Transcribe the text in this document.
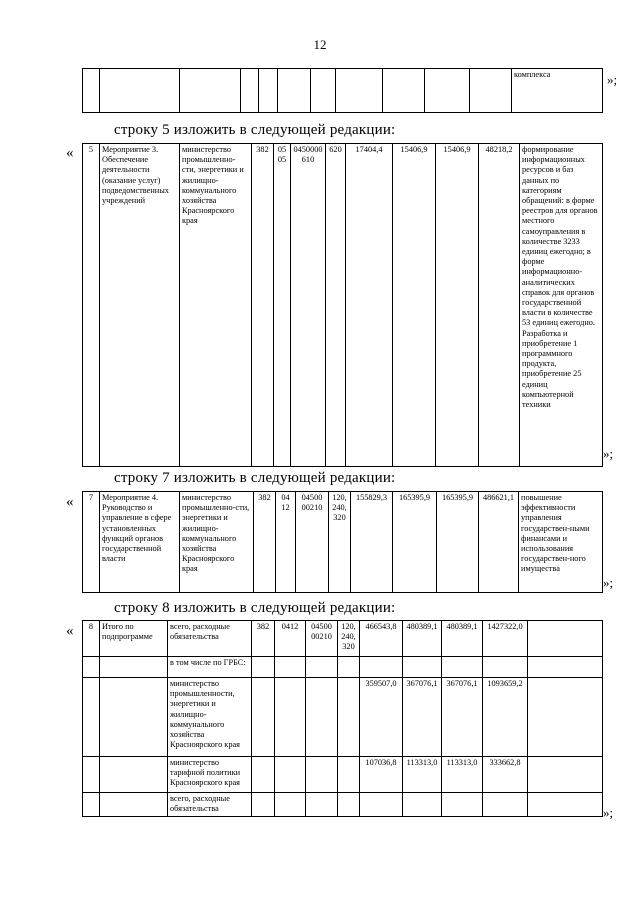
12
											комплекса	»;
строку 5 изложить в следующей редакции:
« 5	Мероприятие 3. Обеспечение деятельности (оказание услуг) подведомственных учреждений	министерство промышленно-сти, энергетики и жилищно-коммунального хозяйства Красноярского края	382	05 05	0450000 610	620	17404,4	15406,9	15406,9	48218,2	формирование информационных ресурсов и баз данных по категориям обращений: в форме реестров для органов местного самоуправления в количестве 3233 единиц ежегодно; в форме информационно-аналитических справок для органов государственной власти в количестве 53 единиц ежегодно. Разработка и приобретение 1 программного продукта, приобретение 25 единиц компьютерной техники
»;
строку 7 изложить в следующей редакции:
« 7	Мероприятие 4. Руководство и управление в сфере установленных функций органов государственной власти	министерство промышленно-сти, энергетики и жилищно-коммунального хозяйства Красноярского края	382	04 12	04500 00210	120, 240, 320	155829,3	165395,9	165395,9	486621,1	повышение эффективности управления государствен-ными финансами и использования государствен-ного имущества
»;
строку 8 изложить в следующей редакции:
« 8	Итого по подпрограмме	всего, расходные обязательства	382	0412	04500 00210	120, 240, 320	466543,8	480389,1	480389,1	1427322,0	
		в том числе по ГРБС:									
		министерство промышленности, энергетики и жилищно-коммунального хозяйства Красноярского края					359507,0	367076,1	367076,1	1093659,2	
		министерство тарифной политики Красноярского края					107036,8	113313,0	113313,0	333662,8	
		всего, расходные обязательства										»;
